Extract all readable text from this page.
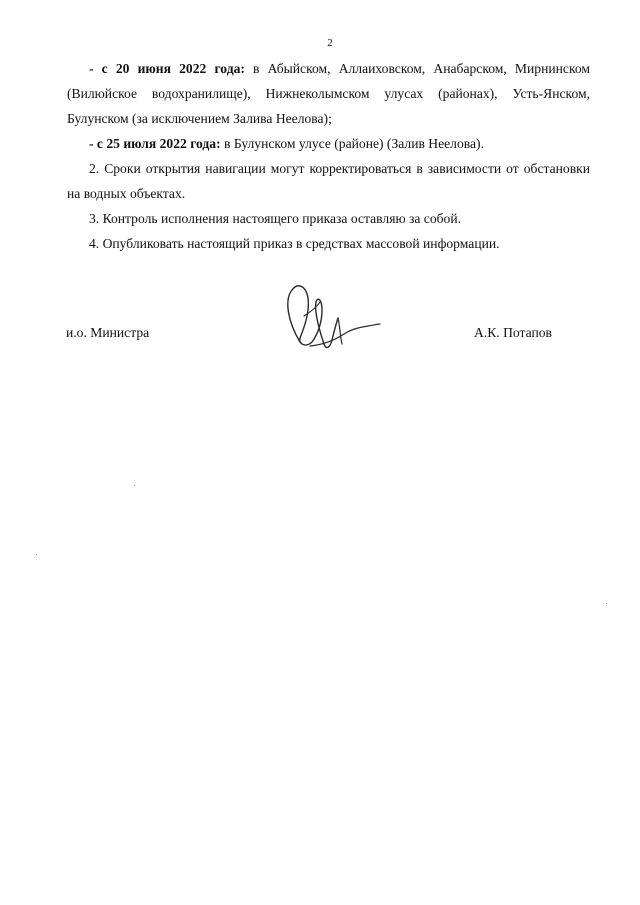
2

- с 20 июня 2022 года: в Абыйском, Аллаиховском, Анабарском, Мирнинском (Вилюйское водохранилище), Нижнеколымском улусах (районах), Усть-Янском, Булунском (за исключением Залива Неелова);

- с 25 июля 2022 года: в Булунском улусе (районе) (Залив Неелова).

2. Сроки открытия навигации могут корректироваться в зависимости от обстановки на водных объектах.

3. Контроль исполнения настоящего приказа оставляю за собой.

4. Опубликовать настоящий приказ в средствах массовой информации.

и.о. Министра	А.К. Потапов
